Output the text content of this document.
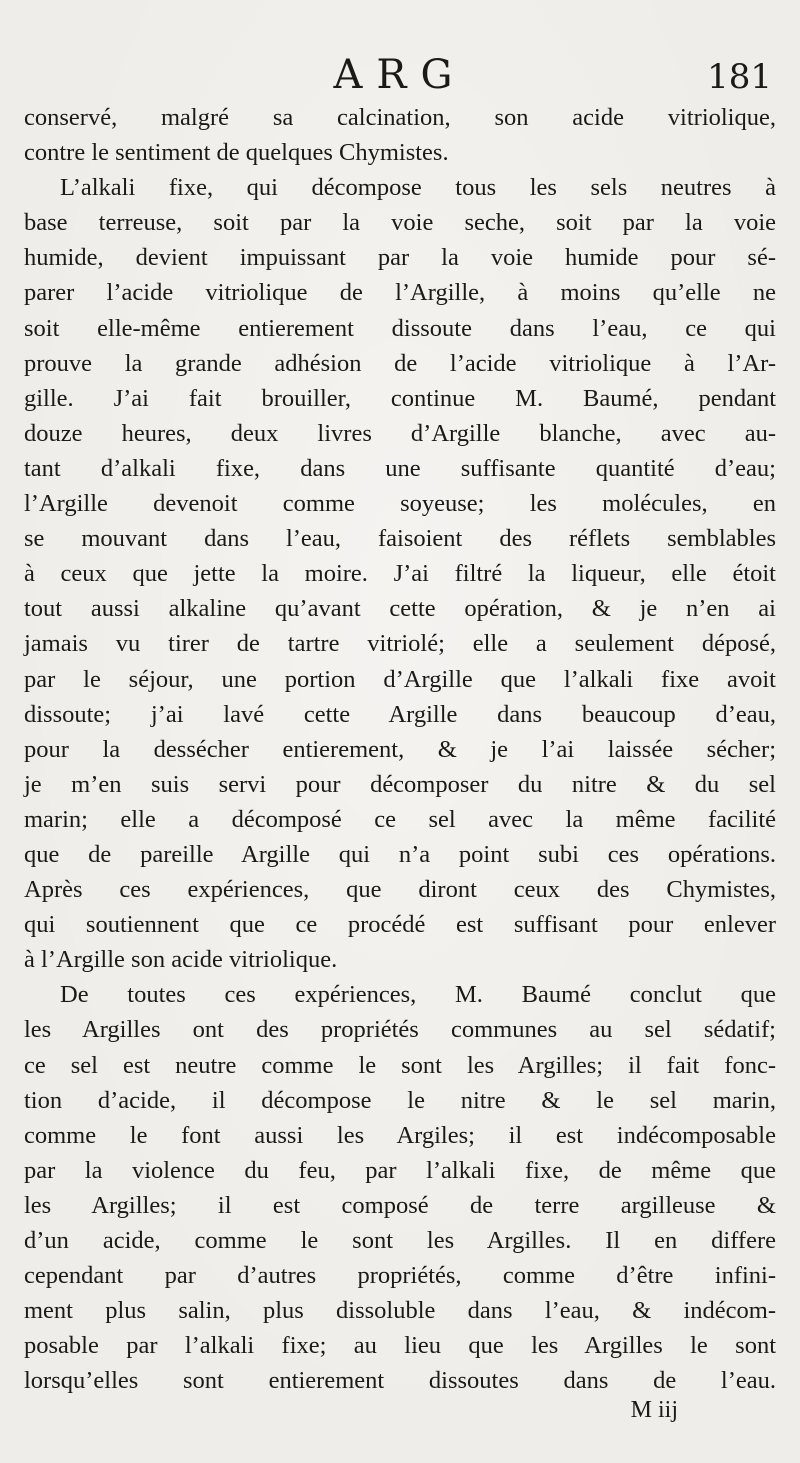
ARG	181
conservé, malgré sa calcination, son acide vitriolique,
contre le sentiment de quelques Chymistes.
L’alkali fixe, qui décompose tous les sels neutres à
base terreuse, soit par la voie seche, soit par la voie
humide, devient impuissant par la voie humide pour sé-
parer l’acide vitriolique de l’Argille, à moins qu’elle ne
soit elle-même entierement dissoute dans l’eau, ce qui
prouve la grande adhésion de l’acide vitriolique à l’Ar-
gille. J’ai fait brouiller, continue M. Baumé, pendant
douze heures, deux livres d’Argille blanche, avec au-
tant d’alkali fixe, dans une suffisante quantité d’eau;
l’Argille devenoit comme soyeuse; les molécules, en
se mouvant dans l’eau, faisoient des réflets semblables
à ceux que jette la moire. J’ai filtré la liqueur, elle étoit
tout aussi alkaline qu’avant cette opération, & je n’en ai
jamais vu tirer de tartre vitriolé; elle a seulement déposé,
par le séjour, une portion d’Argille que l’alkali fixe avoit
dissoute; j’ai lavé cette Argille dans beaucoup d’eau,
pour la dessécher entierement, & je l’ai laissée sécher;
je m’en suis servi pour décomposer du nitre & du sel
marin; elle a décomposé ce sel avec la même facilité
que de pareille Argille qui n’a point subi ces opérations.
Après ces expériences, que diront ceux des Chymistes,
qui soutiennent que ce procédé est suffisant pour enlever
à l’Argille son acide vitriolique.
De toutes ces expériences, M. Baumé conclut que
les Argilles ont des propriétés communes au sel sédatif;
ce sel est neutre comme le sont les Argilles; il fait fonc-
tion d’acide, il décompose le nitre & le sel marin,
comme le font aussi les Argiles; il est indécomposable
par la violence du feu, par l’alkali fixe, de même que
les Argilles; il est composé de terre argilleuse &
d’un acide, comme le sont les Argilles. Il en differe
cependant par d’autres propriétés, comme d’être infini-
ment plus salin, plus dissoluble dans l’eau, & indécom-
posable par l’alkali fixe; au lieu que les Argilles le sont
lorsqu’elles sont entierement dissoutes dans de l’eau.
M iij
